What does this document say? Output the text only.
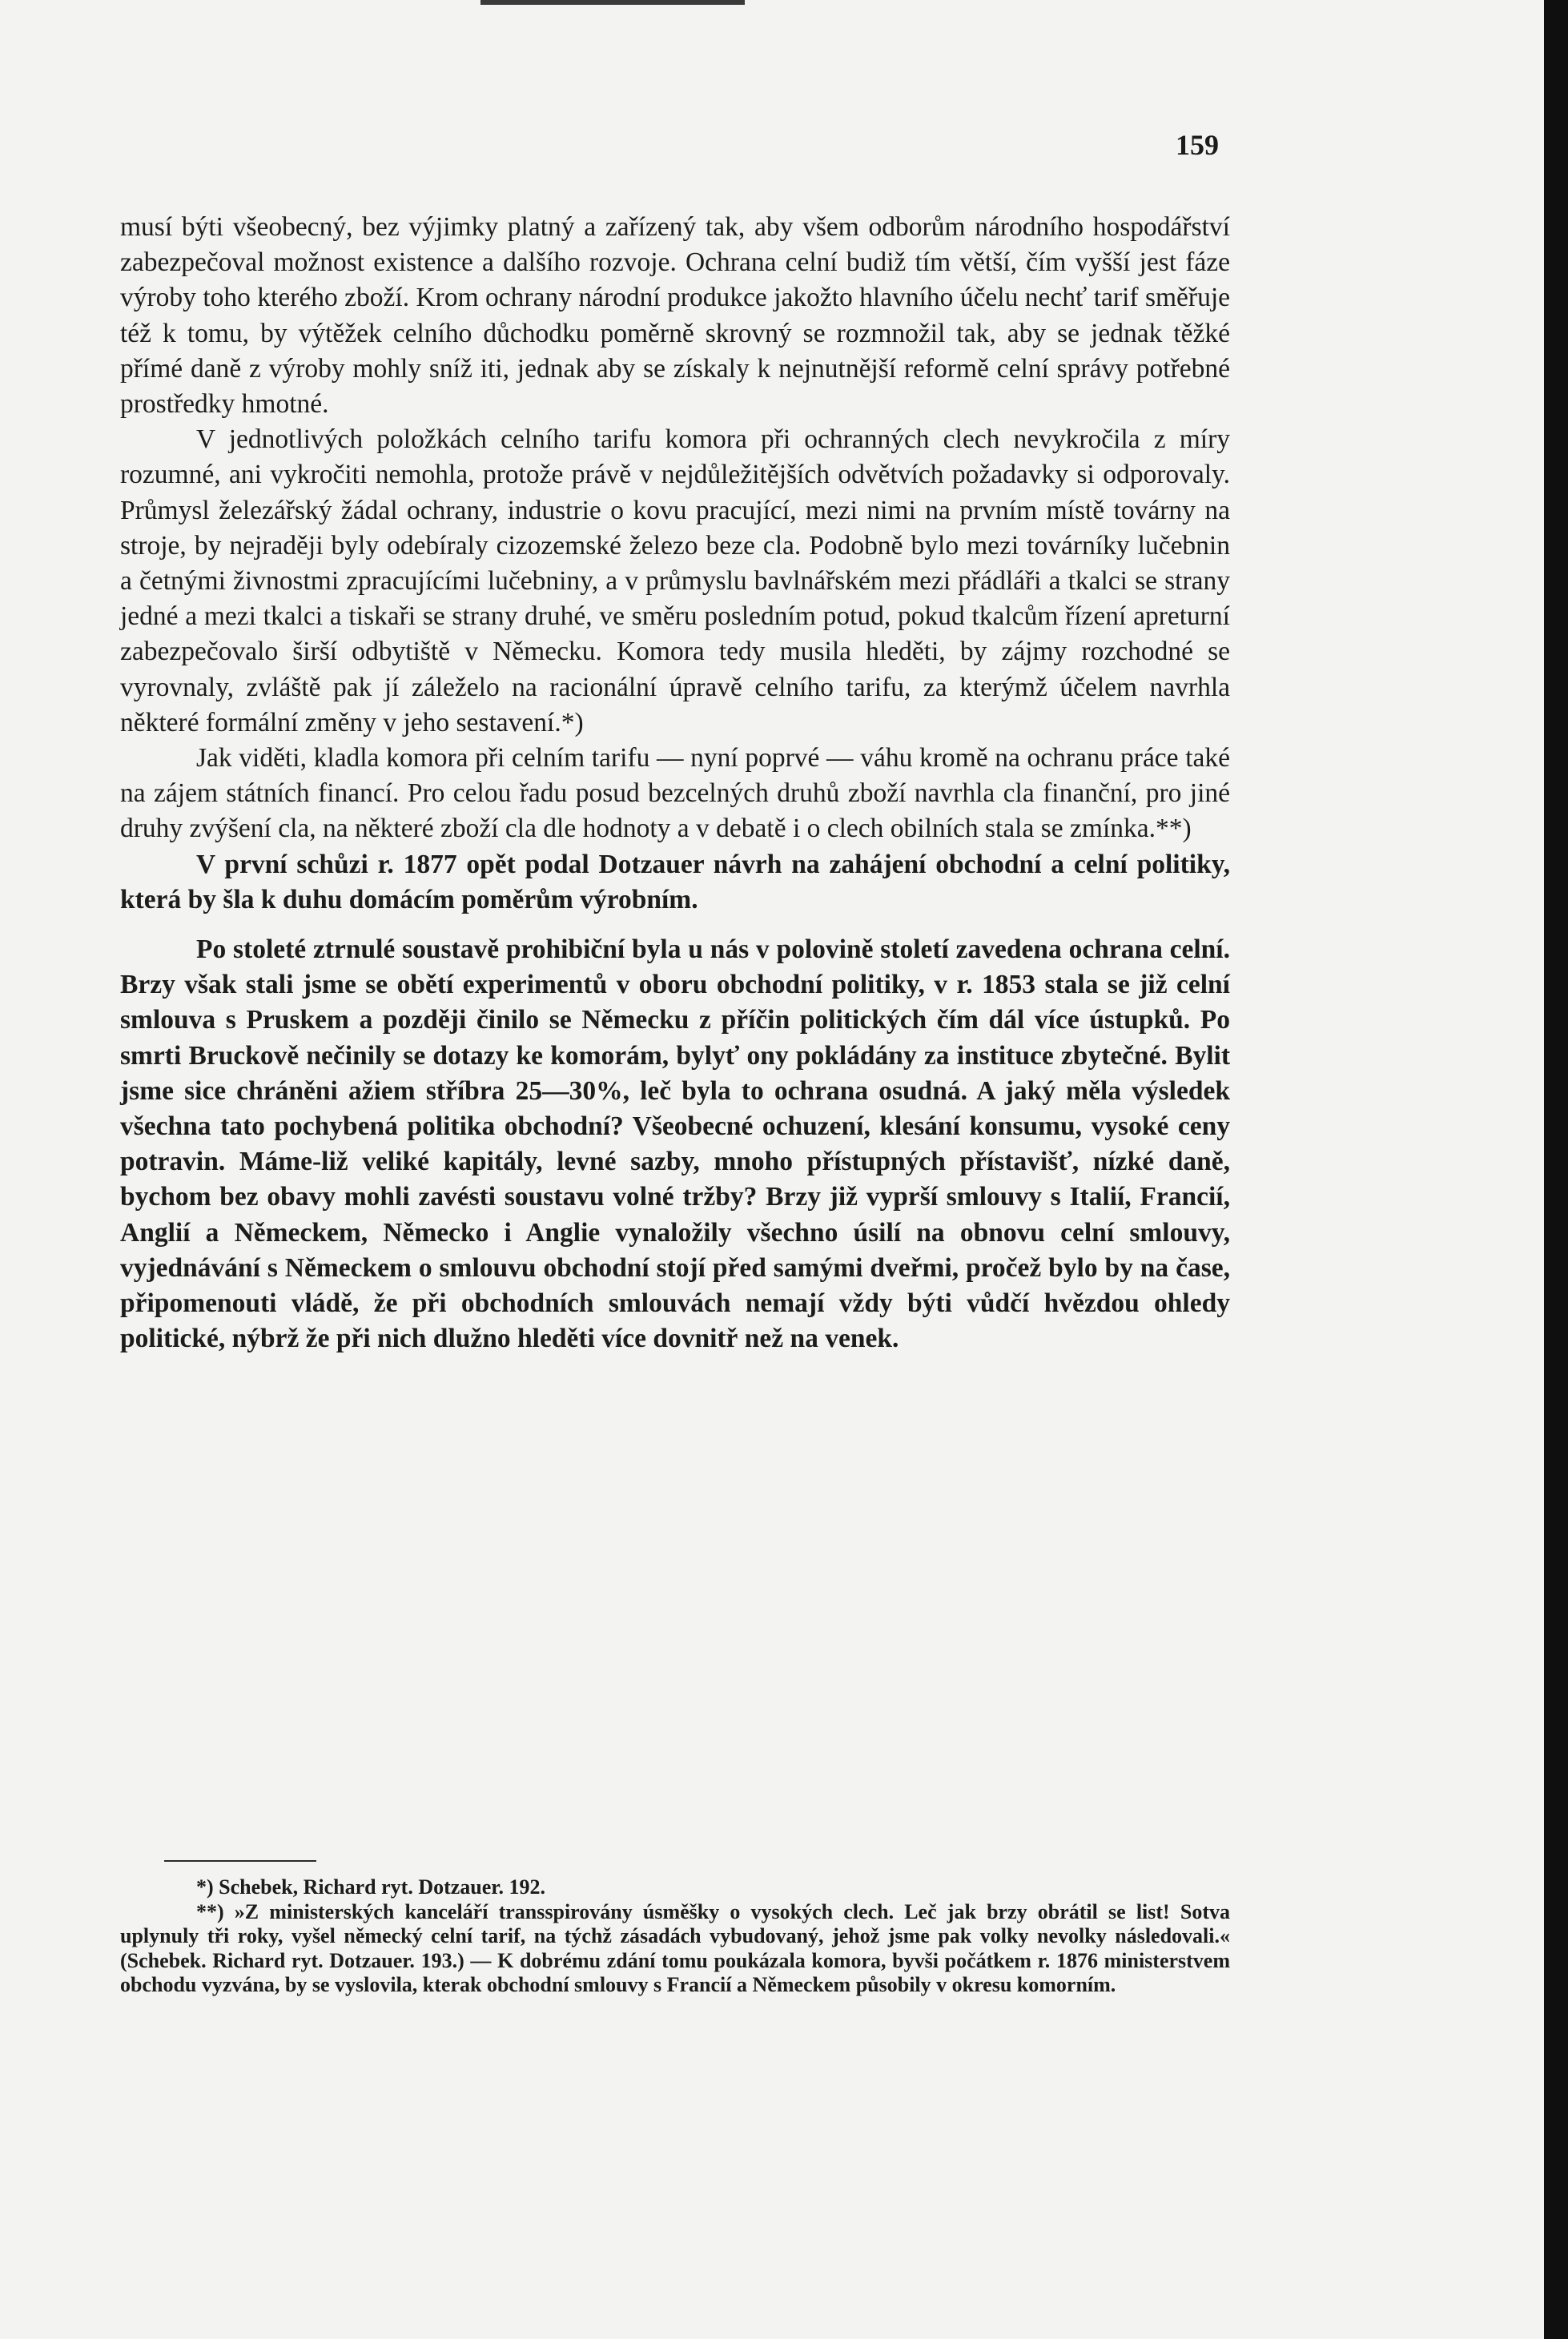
159

musí býti všeobecný, bez výjimky platný a zařízený tak, aby všem odborům národního hospodářství zabezpečoval možnost existence a dalšího rozvoje. Ochrana celní budiž tím větší, čím vyšší jest fáze výroby toho kterého zboží. Krom ochrany národní produkce jakožto hlavního účelu nechť tarif směřuje též k tomu, by výtěžek celního důchodku poměrně skrovný se rozmnožil tak, aby se jednak těžké přímé daně z výroby mohly sníž iti, jednak aby se získaly k nejnutnější reformě celní správy potřebné prostředky hmotné.

V jednotlivých položkách celního tarifu komora při ochranných clech nevykročila z míry rozumné, ani vykročiti nemohla, protože právě v nejdůležitějších odvětvích požadavky si odporovaly. Průmysl železářský žádal ochrany, industrie o kovu pracující, mezi nimi na prvním místě továrny na stroje, by nejraději byly odebíraly cizozemské železo beze cla. Podobně bylo mezi továrníky lučebnin a četnými živnostmi zpracujícími lučebniny, a v průmyslu bavlnářském mezi přádláři a tkalci se strany jedné a mezi tkalci a tiskaři se strany druhé, ve směru posledním potud, pokud tkalcům řízení apreturní zabezpečovalo širší odbytiště v Německu. Komora tedy musila hleděti, by zájmy rozchodné se vyrovnaly, zvláště pak jí záleželo na racionální úpravě celního tarifu, za kterýmž účelem navrhla některé formální změny v jeho sestavení.*)

Jak viděti, kladla komora při celním tarifu — nyní poprvé — váhu kromě na ochranu práce také na zájem státních financí. Pro celou řadu posud bezcelných druhů zboží navrhla cla finanční, pro jiné druhy zvýšení cla, na některé zboží cla dle hodnoty a v debatě i o clech obilních stala se zmínka.**)

V první schůzi r. 1877 opět podal Dotzauer návrh na zahájení obchodní a celní politiky, která by šla k duhu domácím poměrům výrobním.

Po stoleté ztrnulé soustavě prohibiční byla u nás v polovině století zavedena ochrana celní. Brzy však stali jsme se obětí experimentů v oboru obchodní politiky, v r. 1853 stala se již celní smlouva s Pruskem a později činilo se Německu z příčin politických čím dál více ústupků. Po smrti Bruckově nečinily se dotazy ke komorám, bylyť ony pokládány za instituce zbytečné. Bylit jsme sice chráněni ažiem stříbra 25—30%, leč byla to ochrana osudná. A jaký měla výsledek všechna tato pochybená politika obchodní? Všeobecné ochuzení, klesání konsumu, vysoké ceny potravin. Máme-liž veliké kapitály, levné sazby, mnoho přístupných přístavišť, nízké daně, bychom bez obavy mohli zavésti soustavu volné tržby? Brzy již vyprší smlouvy s Italií, Francií, Anglií a Německem, Německo i Anglie vynaložily všechno úsilí na obnovu celní smlouvy, vyjednávání s Německem o smlouvu obchodní stojí před samými dveřmi, pročež bylo by na čase, připomenouti vládě, že při obchodních smlouvách nemají vždy býti vůdčí hvězdou ohledy politické, nýbrž že při nich dlužno hleděti více dovnitř než na venek.

*) Schebek, Richard ryt. Dotzauer. 192.

**) »Z ministerských kanceláří transspirovány úsměšky o vysokých clech. Leč jak brzy obrátil se list! Sotva uplynuly tři roky, vyšel německý celní tarif, na týchž zásadách vybudovaný, jehož jsme pak volky nevolky následovali.« (Schebek. Richard ryt. Dotzauer. 193.) — K dobrému zdání tomu poukázala komora, byvši počátkem r. 1876 ministerstvem obchodu vyzvána, by se vyslovila, kterak obchodní smlouvy s Francií a Německem působily v okresu komorním.
